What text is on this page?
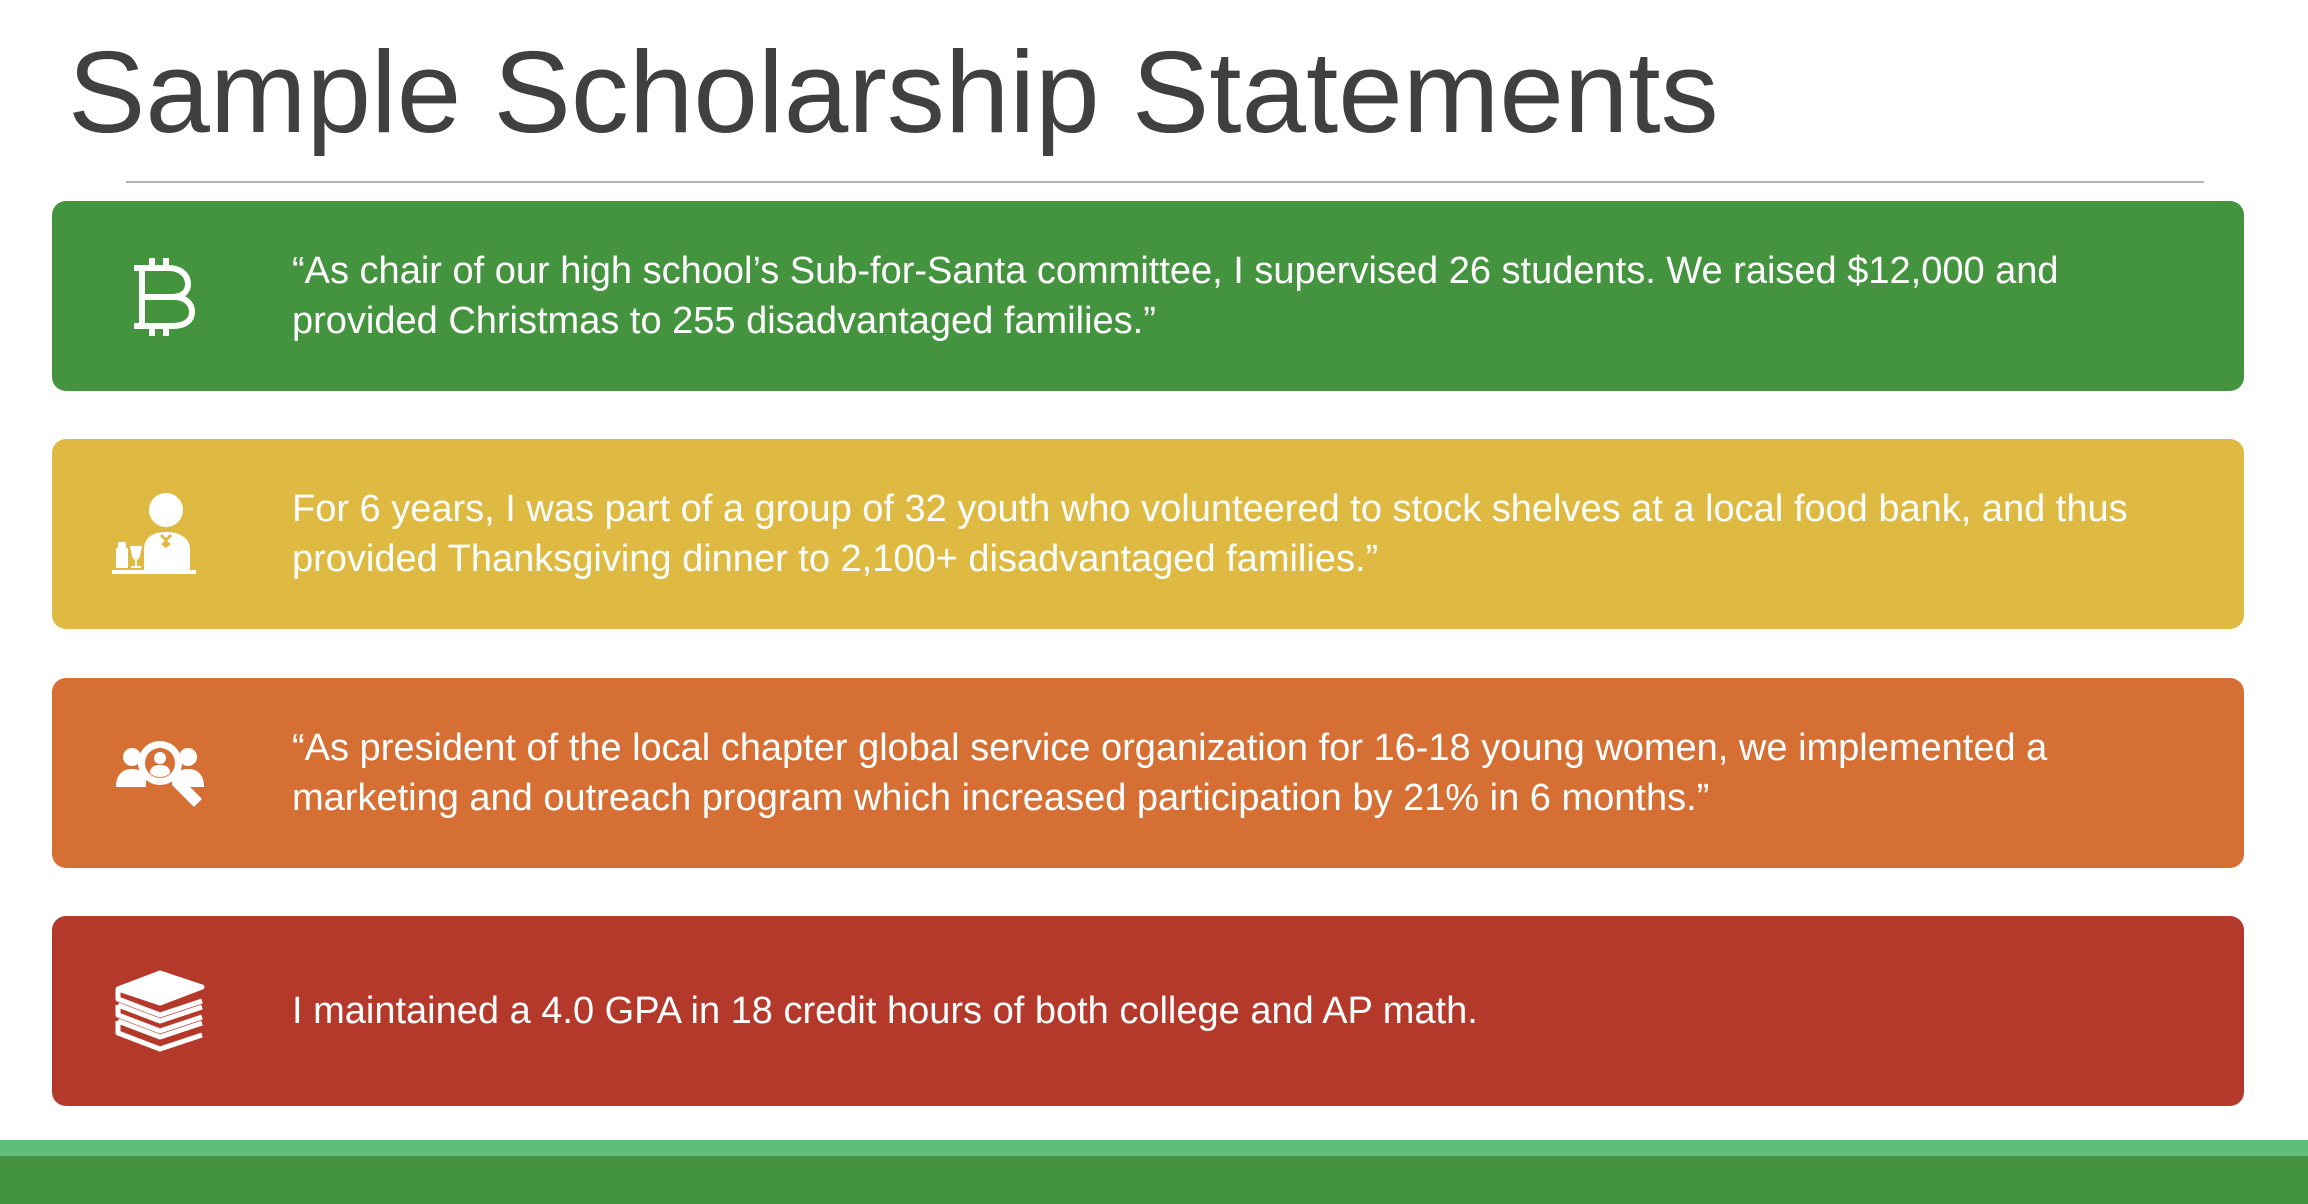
Sample Scholarship Statements
“As chair of our high school’s Sub-for-Santa committee, I supervised 26 students. We raised $12,000 and provided Christmas to 255 disadvantaged families.”
For 6 years, I was part of a group of 32 youth who volunteered to stock shelves at a local food bank, and thus provided Thanksgiving dinner to 2,100+ disadvantaged families.”
“As president of the local chapter global service organization for 16-18 young women, we implemented a marketing and outreach program which increased participation by 21% in 6 months.”
I maintained a 4.0 GPA in 18 credit hours of both college and AP math.
